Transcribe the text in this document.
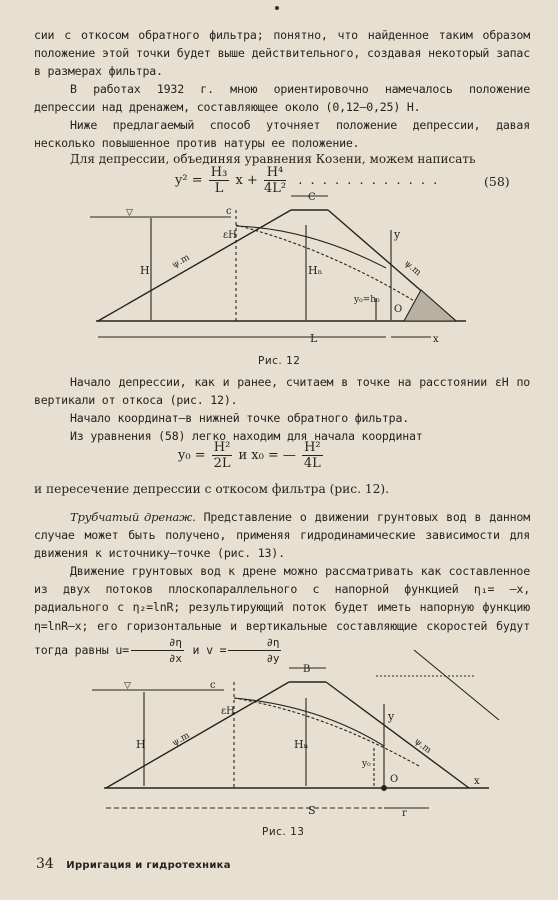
сии с откосом обратного фильтра; понятно, что найденное таким образом положение этой точки будет выше действительного, создавая некоторый запас в размерах фильтра.

В работах 1932 г. мною ориентировочно намечалось положение депрессии над дренажем, составляющее около (0,12—0,25) H.

Ниже предлагаемый способ уточняет положение депрессии, давая несколько повышенное против натуры ее положение.

Для депрессии, объединяя уравнения Козени, можем написать

$y^2 = \frac{\text{H₃}}{L}$ $x + \frac{\text{H⁴}}{\text{4L²}}$ . . . . . . . . . . . .	(58)
C
c
εH
H	Hₙ
y
O
y₀=h₀
L	x
▽
ψ.m	ψ.m
Рис. 12

Начало депрессии, как и ранее, считаем в точке на расстоянии εH по вертикали от откоса (рис. 12).

Начало координат—в нижней точке обратного фильтра.

Из уравнения (58) легко находим для начала координат

$y_0 = \frac{\text{H²}}{2L}$ и x₀ = — $\frac{\text{H²}}{4L}$

и пересечение депрессии с откосом фильтра (рис. 12).

Трубчатый дренаж. Представление о движении грунтовых вод в данном случае может быть получено, применяя гидродинамические зависимости для движения к источнику—точке (рис. 13).

Движение грунтовых вод к дрене можно рассматривать как составленное из двух потоков плоскопараллельного с напорной функцией η₁= —x, радиального с η₂=lnR; результирующий поток будет иметь напорную функцию η=lnR—x; его горизонтальные и вертикальные составляющие скоростей будут тогда равны $u= \frac{\partial\eta}{\partial x}$ и $v = \frac{\partial\eta}{\partial y}$

B
c
εH
H	Hₙ
y
O
y₀
S	r
x
▽
ψ.m	ψ.m
Рис. 13
34 Ирригация и гидротехника
